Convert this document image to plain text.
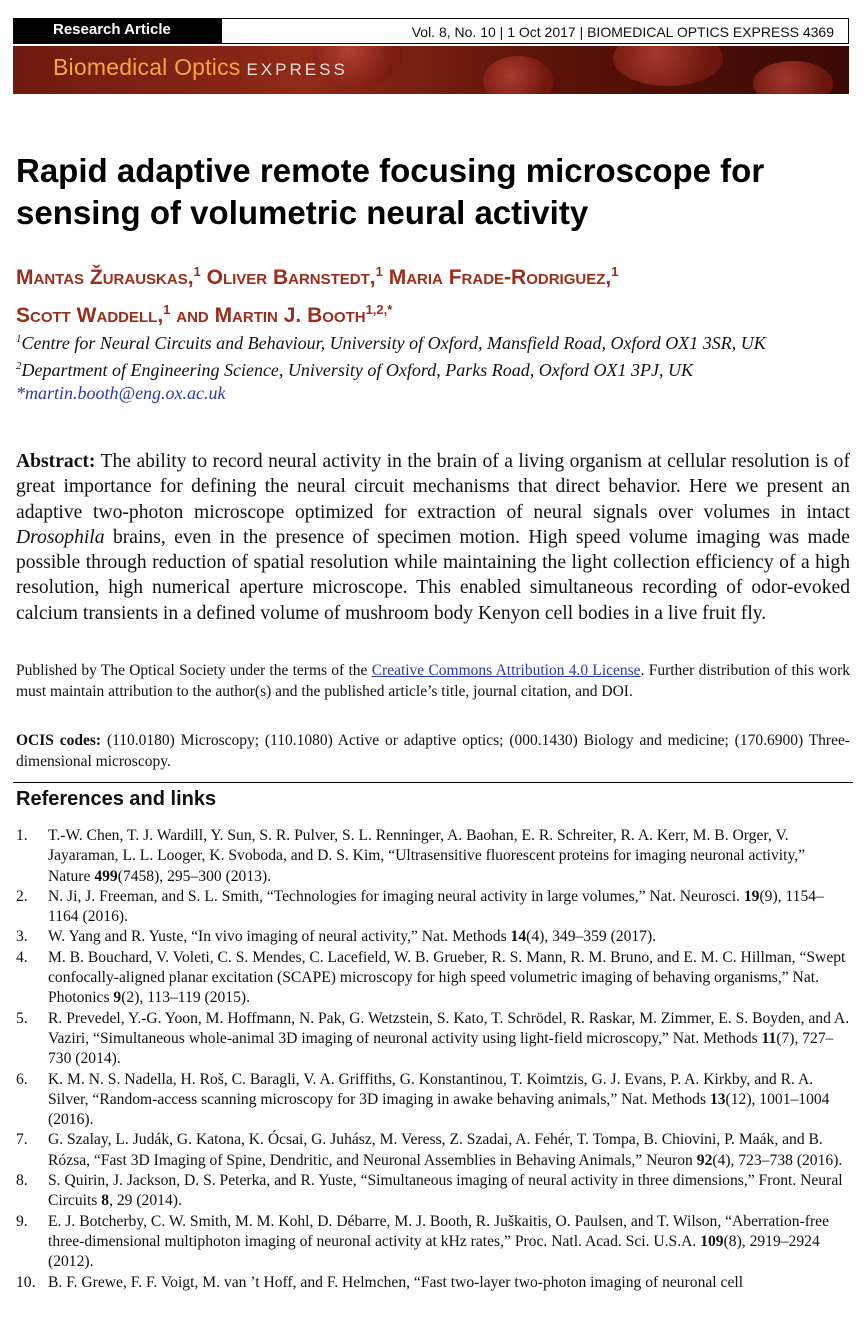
Research Article	Vol. 8, No. 10 | 1 Oct 2017 | BIOMEDICAL OPTICS EXPRESS 4369
Biomedical Optics EXPRESS
Rapid adaptive remote focusing microscope for sensing of volumetric neural activity
Mantas Žurauskas,$^1$ Oliver Barnstedt,$^1$ Maria Frade-Rodriguez,$^1$
Scott Waddell,$^1$ and Martin J. Booth$^{1,2,*}$
$^1$Centre for Neural Circuits and Behaviour, University of Oxford, Mansfield Road, Oxford OX1 3SR, UK
$^2$Department of Engineering Science, University of Oxford, Parks Road, Oxford OX1 3PJ, UK
*martin.booth@eng.ox.ac.uk
Abstract: The ability to record neural activity in the brain of a living organism at cellular resolution is of great importance for defining the neural circuit mechanisms that direct behavior. Here we present an adaptive two-photon microscope optimized for extraction of neural signals over volumes in intact Drosophila brains, even in the presence of specimen motion. High speed volume imaging was made possible through reduction of spatial resolution while maintaining the light collection efficiency of a high resolution, high numerical aperture microscope. This enabled simultaneous recording of odor-evoked calcium transients in a defined volume of mushroom body Kenyon cell bodies in a live fruit fly.
Published by The Optical Society under the terms of the Creative Commons Attribution 4.0 License. Further distribution of this work must maintain attribution to the author(s) and the published article’s title, journal citation, and DOI.
OCIS codes: (110.0180) Microscopy; (110.1080) Active or adaptive optics; (000.1430) Biology and medicine; (170.6900) Three-dimensional microscopy.
References and links
1. T.-W. Chen, T. J. Wardill, Y. Sun, S. R. Pulver, S. L. Renninger, A. Baohan, E. R. Schreiter, R. A. Kerr, M. B. Orger, V. Jayaraman, L. L. Looger, K. Svoboda, and D. S. Kim, “Ultrasensitive fluorescent proteins for imaging neuronal activity,” Nature 499(7458), 295–300 (2013).
2. N. Ji, J. Freeman, and S. L. Smith, “Technologies for imaging neural activity in large volumes,” Nat. Neurosci. 19(9), 1154–1164 (2016).
3. W. Yang and R. Yuste, “In vivo imaging of neural activity,” Nat. Methods 14(4), 349–359 (2017).
4. M. B. Bouchard, V. Voleti, C. S. Mendes, C. Lacefield, W. B. Grueber, R. S. Mann, R. M. Bruno, and E. M. C. Hillman, “Swept confocally-aligned planar excitation (SCAPE) microscopy for high speed volumetric imaging of behaving organisms,” Nat. Photonics 9(2), 113–119 (2015).
5. R. Prevedel, Y.-G. Yoon, M. Hoffmann, N. Pak, G. Wetzstein, S. Kato, T. Schrödel, R. Raskar, M. Zimmer, E. S. Boyden, and A. Vaziri, “Simultaneous whole-animal 3D imaging of neuronal activity using light-field microscopy,” Nat. Methods 11(7), 727–730 (2014).
6. K. M. N. S. Nadella, H. Roš, C. Baragli, V. A. Griffiths, G. Konstantinou, T. Koimtzis, G. J. Evans, P. A. Kirkby, and R. A. Silver, “Random-access scanning microscopy for 3D imaging in awake behaving animals,” Nat. Methods 13(12), 1001–1004 (2016).
7. G. Szalay, L. Judák, G. Katona, K. Ócsai, G. Juhász, M. Veress, Z. Szadai, A. Fehér, T. Tompa, B. Chiovini, P. Maák, and B. Rózsa, “Fast 3D Imaging of Spine, Dendritic, and Neuronal Assemblies in Behaving Animals,” Neuron 92(4), 723–738 (2016).
8. S. Quirin, J. Jackson, D. S. Peterka, and R. Yuste, “Simultaneous imaging of neural activity in three dimensions,” Front. Neural Circuits 8, 29 (2014).
9. E. J. Botcherby, C. W. Smith, M. M. Kohl, D. Débarre, M. J. Booth, R. Juškaitis, O. Paulsen, and T. Wilson, “Aberration-free three-dimensional multiphoton imaging of neuronal activity at kHz rates,” Proc. Natl. Acad. Sci. U.S.A. 109(8), 2919–2924 (2012).
10. B. F. Grewe, F. F. Voigt, M. van ’t Hoff, and F. Helmchen, “Fast two-layer two-photon imaging of neuronal cell
